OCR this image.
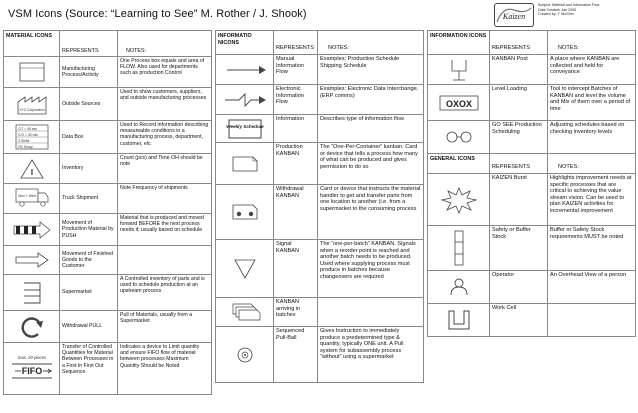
VSM Icons (Source: “Learning to See” M. Rother / J. Shook)	Kaizen
Subject: Material and Information Flow
Date Created: Jan 2005
Created by: T. McGinn
MATERIAL ICONS	REPRESENTS	NOTES:

	Manufacturing Process/Activity	One Process box equals and area of FLOW. Also used for departments such as production Control

XYZ Corporation	Outside Sources	Used to show customers, suppliers, and outside manufacturing processes

C/T = 45 sec
C/O = 30 min
3 Shifts
2% Scrap	Data Box	Used to Record information describing measureable conditions in a manufacturing process, department, customer, etc

I	Inventory	Count (pcs) and Time OH should be note

Mon + Wed	Truck Shipment	Note Frequency of shipments

	Movement of Production Material by PUSH	Material that is produced and moved forward BEFORE the next process needs it; usually based on schedule

	Movement of Finished Goods to the Customer	

	Supermarket	A Controlled inventory of parts and is used to schedule production at an upstream process

	Withdrawal PULL	Pull of Materials, usually from a Supermarket

max. 20 pieces
FIFO	Transfer of Controlled Quantities for Material Between Processes in a First In First Out Sequence	Indicates a device to Limit quantity and ensure FIFO flow of material between processes Maximum Quantity Should be Noted
INFORMATIO NICONS	REPRESENTS	NOTES:

	Manual Information Flow	Examples: Production Schedule Shipping Schedule

	Electronic Information Flow	Examples: Electronic Data Interchange, (ERP comms)

Weekly Schedule	Information	Describes type of information flow

	Production KANBAN	The “One-Per-Container” kanban. Card or device that tells a process how many of what can be produced and gives permission to do so

	Withdrawal KANBAN	Card or device that instructs the material handler to get and transfer parts from one location to another (i.e. from a supermarket to the consuming process

	Signal KANBAN	The “one-per-batch” KANBAN. Signals when a reorder point is reached and another batch needs to be produced. Used where supplying process must produce in batches because changeovers are required

	KANBAN arriving in batches	

	Sequenced Pull-Ball	Gives Instruction to immediately produce a predetermined type & quantity, typically ONE unit. A Pull system for subassembly process “without” using a supermarket
INFORMATION ICONS	REPRESENTS	NOTES:

	KANBAN Post	A place where KANBAN are collected and held for conveyance

OXOX	Level Loading	Tool to intercept Batches of KANBAN and level the volume and Mix of them over a period of time

	GO SEE Production Scheduling	Adjusting schedules based on checking inventory levels
GENERAL ICONS	REPRESENTS	NOTES:

	KAIZEN Burst	Highlights improvement needs at specific processes that are critical to achieving the value stream vision. Can be used to plan KAIZEN activities for incremental improvement

	Safety or Buffer Stock	Buffer or Safety Stock requirements MUST be noted

	Operator	An Overhead View of a person

	Work Cell	
